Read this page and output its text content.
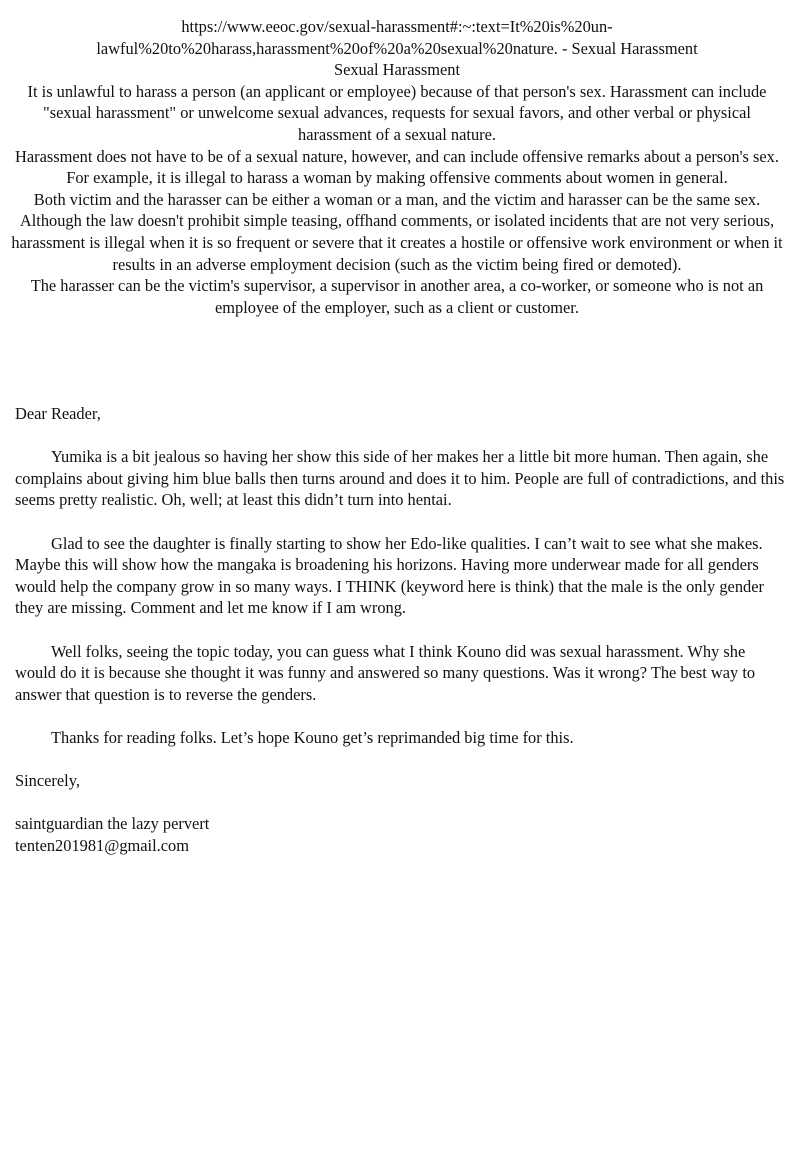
https://www.eeoc.gov/sexual-harassment#:~:text=It%20is%20un-

lawful%20to%20harass,harassment%20of%20a%20sexual%20nature. - Sexual Harassment

Sexual Harassment

It is unlawful to harass a person (an applicant or employee) because of that person's sex. Harassment can include "sexual harassment" or unwelcome sexual advances, requests for sexual favors, and other verbal or physical harassment of a sexual nature.

Harassment does not have to be of a sexual nature, however, and can include offensive remarks about a person's sex. For example, it is illegal to harass a woman by making offensive comments about women in general.

Both victim and the harasser can be either a woman or a man, and the victim and harasser can be the same sex.

Although the law doesn't prohibit simple teasing, offhand comments, or isolated incidents that are not very serious, harassment is illegal when it is so frequent or severe that it creates a hostile or offensive work environment or when it results in an adverse employment decision (such as the victim being fired or demoted).

The harasser can be the victim's supervisor, a supervisor in another area, a co-worker, or someone who is not an employee of the employer, such as a client or customer.

Dear Reader,

Yumika is a bit jealous so having her show this side of her makes her a little bit more human. Then again, she complains about giving him blue balls then turns around and does it to him. People are full of contradictions, and this seems pretty realistic. Oh, well; at least this didn’t turn into hentai.

Glad to see the daughter is finally starting to show her Edo-like qualities. I can’t wait to see what she makes. Maybe this will show how the mangaka is broadening his horizons. Having more underwear made for all genders would help the company grow in so many ways. I THINK (keyword here is think) that the male is the only gender they are missing. Comment and let me know if I am wrong.

Well folks, seeing the topic today, you can guess what I think Kouno did was sexual harassment. Why she would do it is because she thought it was funny and answered so many questions. Was it wrong? The best way to answer that question is to reverse the genders.

Thanks for reading folks. Let’s hope Kouno get’s reprimanded big time for this.

Sincerely,

saintguardian the lazy pervert

tenten201981@gmail.com
